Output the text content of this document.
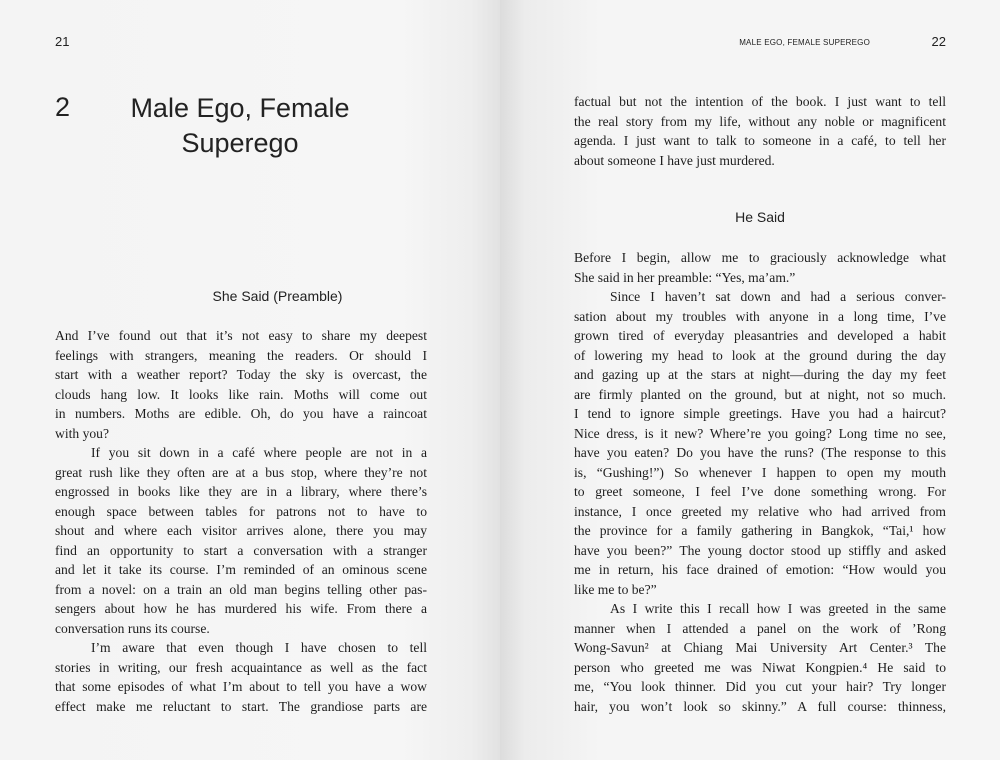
21
2	Male Ego, Female
Superego
She Said (Preamble)
And I’ve found out that it’s not easy to share my deepest
feelings with strangers, meaning the readers. Or should I
start with a weather report? Today the sky is overcast, the
clouds hang low. It looks like rain. Moths will come out
in numbers. Moths are edible. Oh, do you have a raincoat
with you?
If you sit down in a café where people are not in a
great rush like they often are at a bus stop, where they’re not
engrossed in books like they are in a library, where there’s
enough space between tables for patrons not to have to
shout and where each visitor arrives alone, there you may
find an opportunity to start a conversation with a stranger
and let it take its course. I’m reminded of an ominous scene
from a novel: on a train an old man begins telling other pas-
sengers about how he has murdered his wife. From there a
conversation runs its course.
I’m aware that even though I have chosen to tell
stories in writing, our fresh acquaintance as well as the fact
that some episodes of what I’m about to tell you have a wow
effect make me reluctant to start. The grandiose parts are
MALE EGO, FEMALE SUPEREGO	22
factual but not the intention of the book. I just want to tell
the real story from my life, without any noble or magnificent
agenda. I just want to talk to someone in a café, to tell her
about someone I have just murdered.
He Said
Before I begin, allow me to graciously acknowledge what
She said in her preamble: “Yes, ma’am.”
Since I haven’t sat down and had a serious conver-
sation about my troubles with anyone in a long time, I’ve
grown tired of everyday pleasantries and developed a habit
of lowering my head to look at the ground during the day
and gazing up at the stars at night—during the day my feet
are firmly planted on the ground, but at night, not so much.
I tend to ignore simple greetings. Have you had a haircut?
Nice dress, is it new? Where’re you going? Long time no see,
have you eaten? Do you have the runs? (The response to this
is, “Gushing!”) So whenever I happen to open my mouth
to greet someone, I feel I’ve done something wrong. For
instance, I once greeted my relative who had arrived from
the province for a family gathering in Bangkok, “Tai,¹ how
have you been?” The young doctor stood up stiffly and asked
me in return, his face drained of emotion: “How would you
like me to be?”
As I write this I recall how I was greeted in the same
manner when I attended a panel on the work of ’Rong
Wong-Savun² at Chiang Mai University Art Center.³ The
person who greeted me was Niwat Kongpien.⁴ He said to
me, “You look thinner. Did you cut your hair? Try longer
hair, you won’t look so skinny.” A full course: thinness,
